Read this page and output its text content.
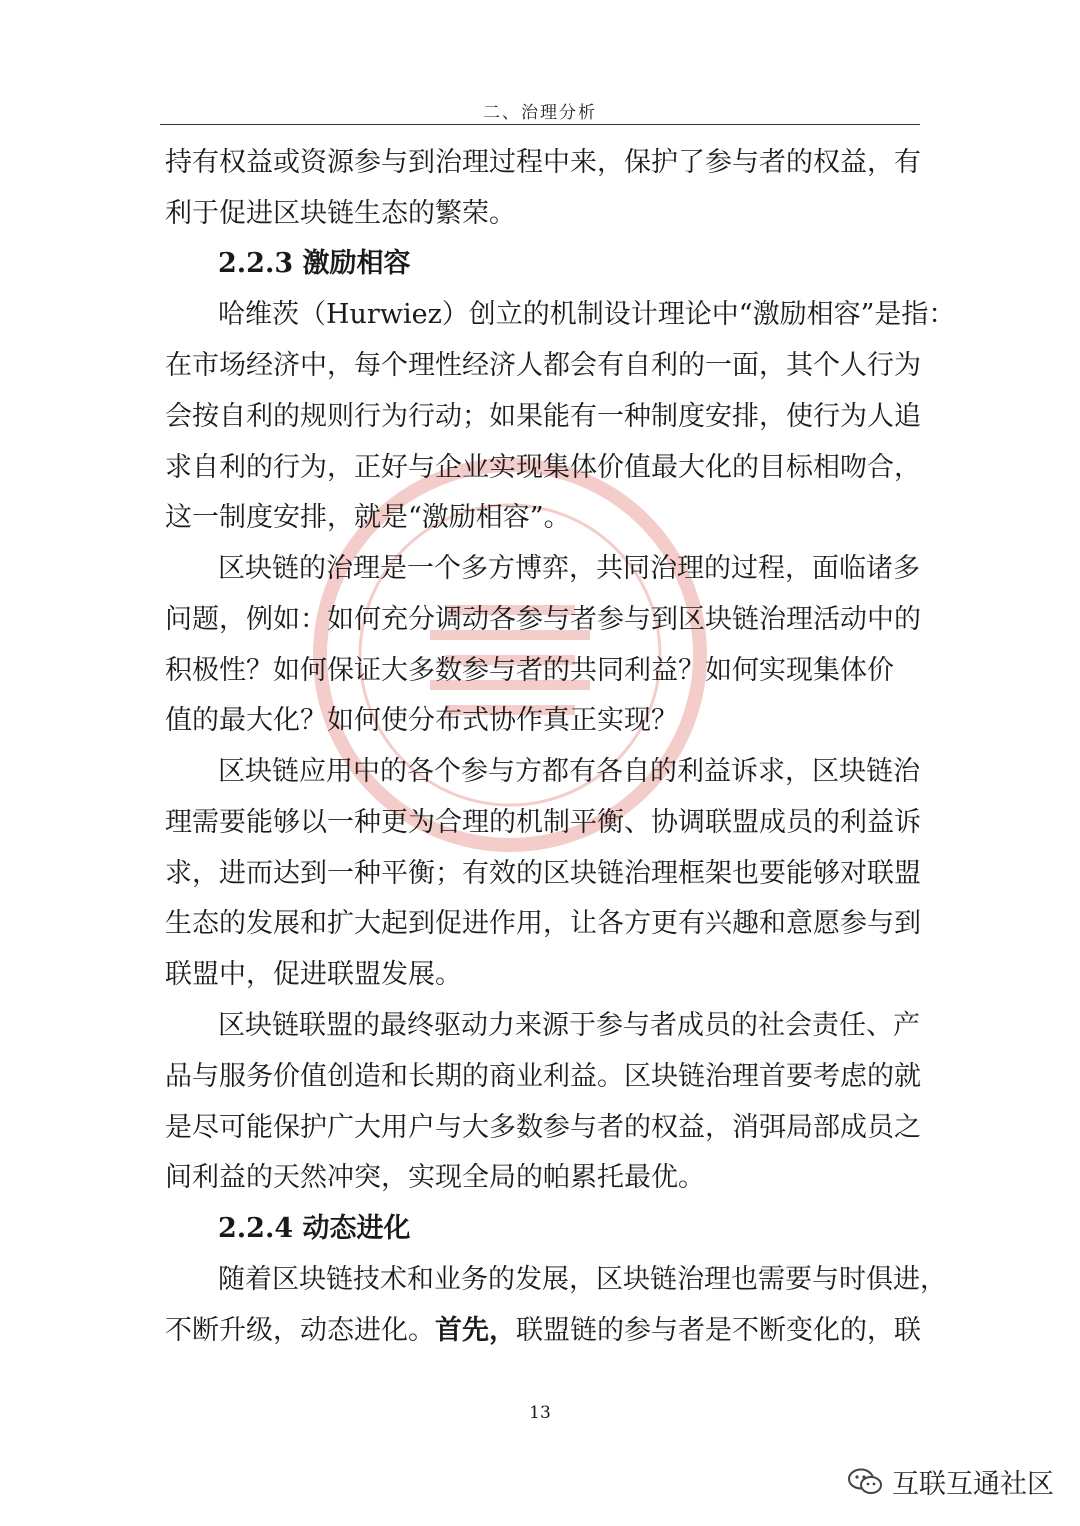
二、治理分析
持有权益或资源参与到治理过程中来，保护了参与者的权益，有
利于促进区块链生态的繁荣。
2.2.3 激励相容
哈维茨（Hurwiez）创立的机制设计理论中“激励相容”是指：
在市场经济中，每个理性经济人都会有自利的一面，其个人行为
会按自利的规则行为行动；如果能有一种制度安排，使行为人追
求自利的行为，正好与企业实现集体价值最大化的目标相吻合，
这一制度安排，就是“激励相容”。
区块链的治理是一个多方博弈，共同治理的过程，面临诸多
问题，例如：如何充分调动各参与者参与到区块链治理活动中的
积极性？如何保证大多数参与者的共同利益？如何实现集体价
值的最大化？如何使分布式协作真正实现？
区块链应用中的各个参与方都有各自的利益诉求，区块链治
理需要能够以一种更为合理的机制平衡、协调联盟成员的利益诉
求，进而达到一种平衡；有效的区块链治理框架也要能够对联盟
生态的发展和扩大起到促进作用，让各方更有兴趣和意愿参与到
联盟中，促进联盟发展。
区块链联盟的最终驱动力来源于参与者成员的社会责任、产
品与服务价值创造和长期的商业利益。区块链治理首要考虑的就
是尽可能保护广大用户与大多数参与者的权益，消弭局部成员之
间利益的天然冲突，实现全局的帕累托最优。
2.2.4 动态进化
随着区块链技术和业务的发展，区块链治理也需要与时俱进，
不断升级，动态进化。首先，联盟链的参与者是不断变化的，联
13
互联互通社区
